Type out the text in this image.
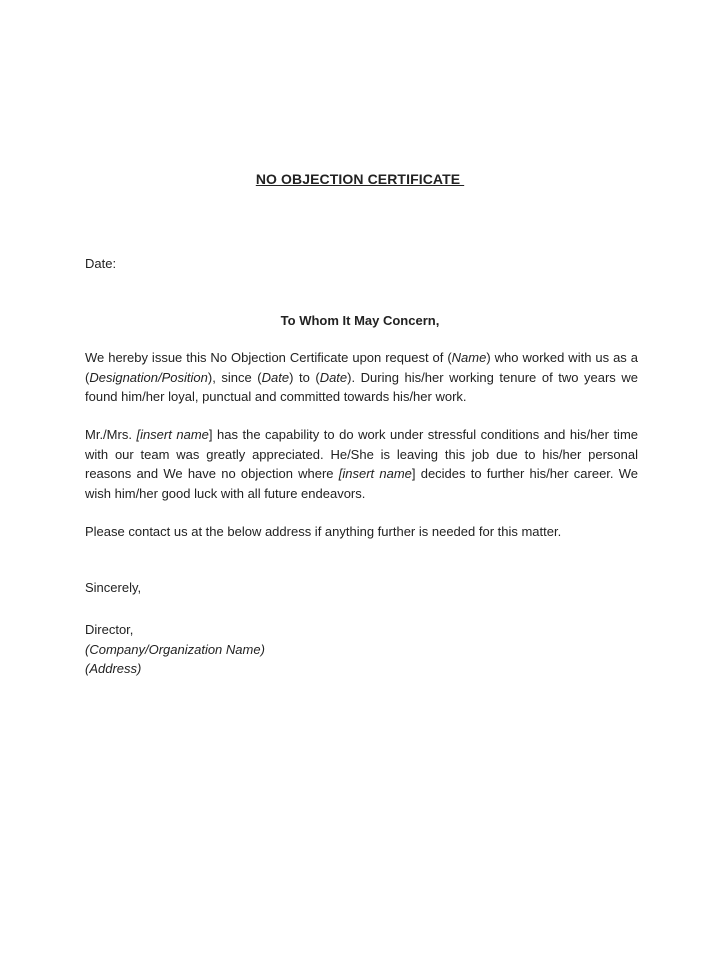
NO OBJECTION CERTIFICATE
Date:
To Whom It May Concern,
We hereby issue this No Objection Certificate upon request of (Name) who worked with us as a (Designation/Position), since (Date) to (Date). During his/her working tenure of two years we found him/her loyal, punctual and committed towards his/her work.
Mr./Mrs. [insert name] has the capability to do work under stressful conditions and his/her time with our team was greatly appreciated. He/She is leaving this job due to his/her personal reasons and We have no objection where [insert name] decides to further his/her career. We wish him/her good luck with all future endeavors.
Please contact us at the below address if anything further is needed for this matter.
Sincerely,
Director,
(Company/Organization Name)
(Address)
